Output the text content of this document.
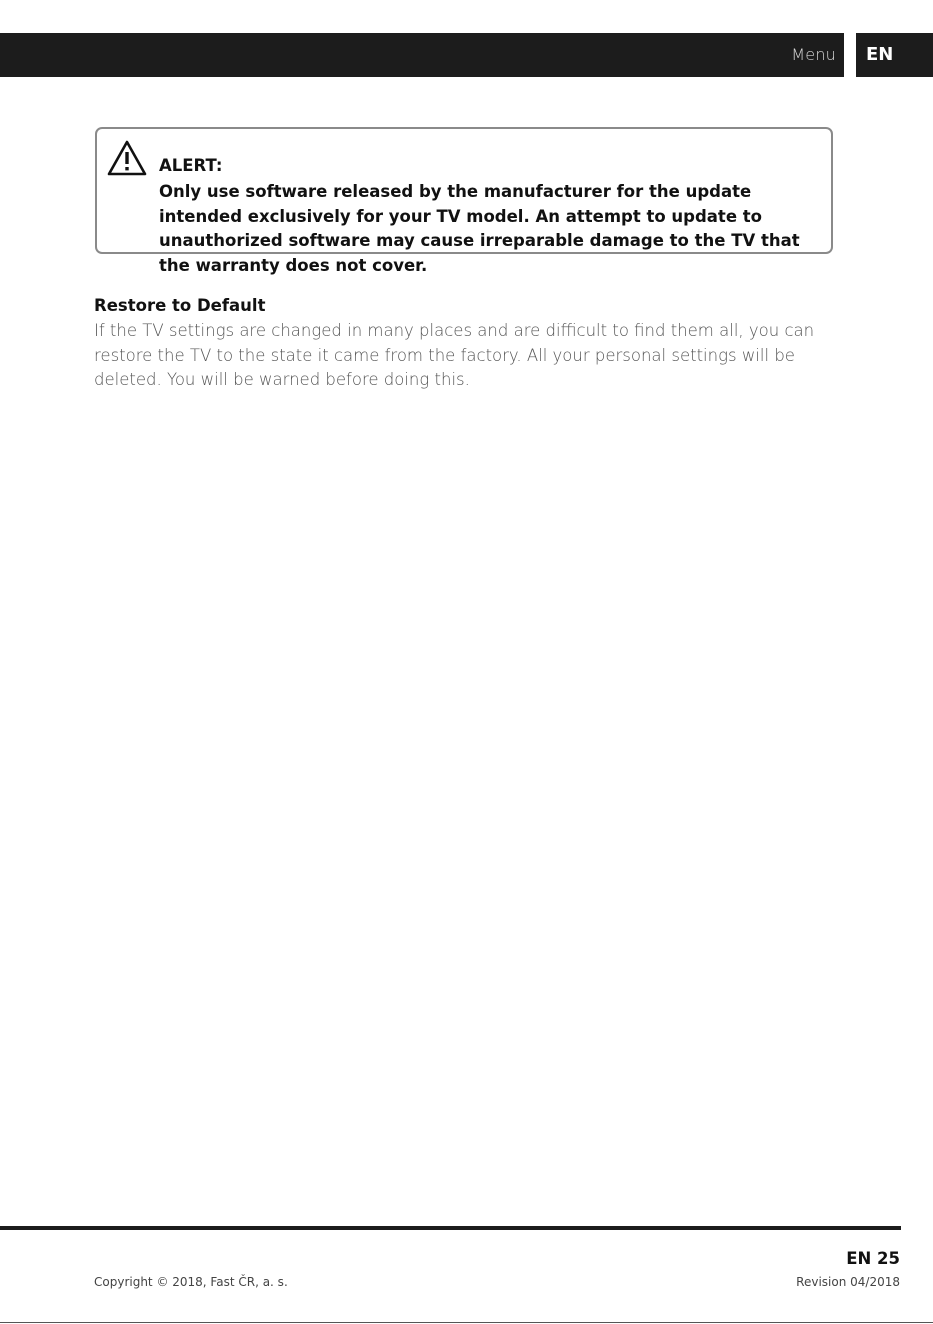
Menu EN
ALERT:
Only use software released by the manufacturer for the update intended exclusively for your TV model. An attempt to update to unauthorized software may cause irreparable damage to the TV that the warranty does not cover.
Restore to Default
If the TV settings are changed in many places and are difficult to find them all, you can restore the TV to the state it came from the factory. All your personal settings will be deleted. You will be warned before doing this.
EN 25
Copyright © 2018, Fast ČR, a. s.	Revision 04/2018
